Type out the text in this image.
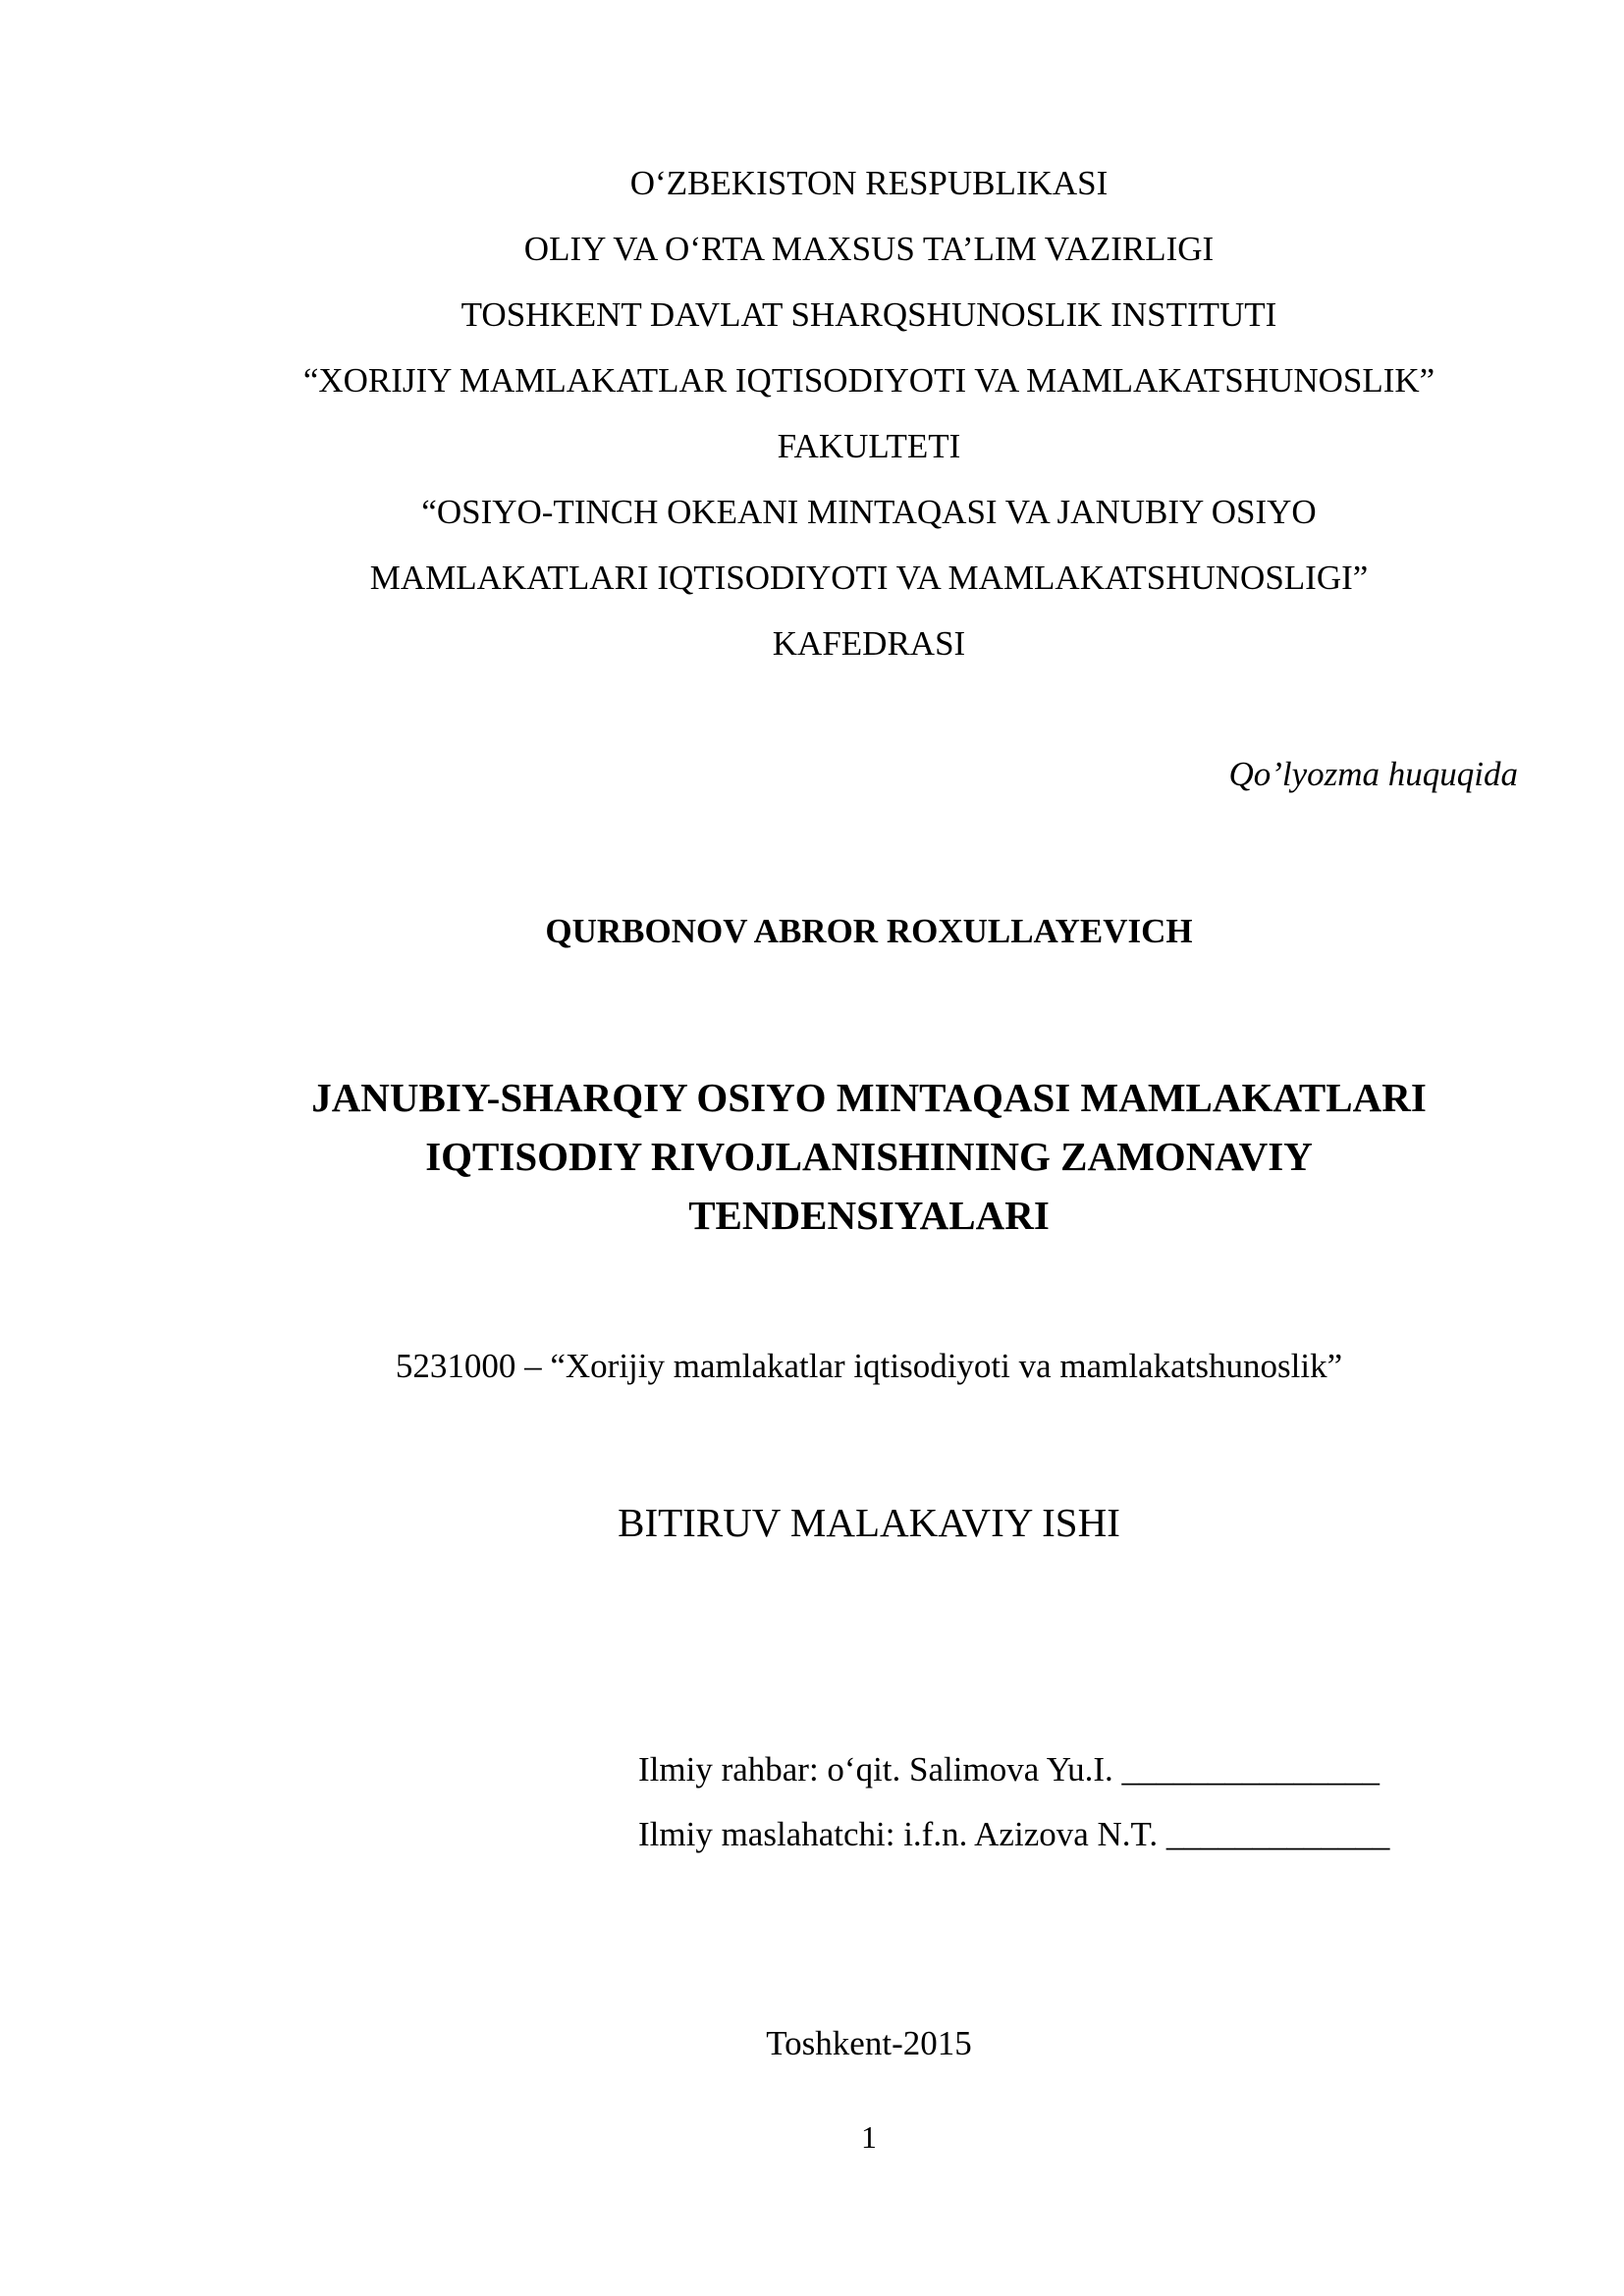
O‘ZBEKISTON RESPUBLIKASI
OLIY VA O‘RTA MAXSUS TA’LIM VAZIRLIGI
TOSHKENT DAVLAT SHARQSHUNOSLIK INSTITUTI
“XORIJIY MAMLAKATLAR IQTISODIYOTI VA MAMLAKATSHUNOSLIK”
FAKULTETI
“OSIYO-TINCH OKEANI MINTAQASI VA JANUBIY OSIYO
MAMLAKATLARI IQTISODIYOTI VA MAMLAKATSHUNOSLIGI”
KAFEDRASI
Qo’lyozma huquqida
QURBONOV ABROR ROXULLAYEVICH
JANUBIY-SHARQIY OSIYO MINTAQASI MAMLAKATLARI
IQTISODIY RIVOJLANISHINING ZAMONAVIY
TENDENSIYALARI
5231000 – “Xorijiy mamlakatlar iqtisodiyoti va mamlakatshunoslik”
BITIRUV MALAKAVIY ISHI
Ilmiy rahbar: o‘qit. Salimova Yu.I. _______________
Ilmiy maslahatchi: i.f.n. Azizova N.T. _____________
Toshkent-2015
1
